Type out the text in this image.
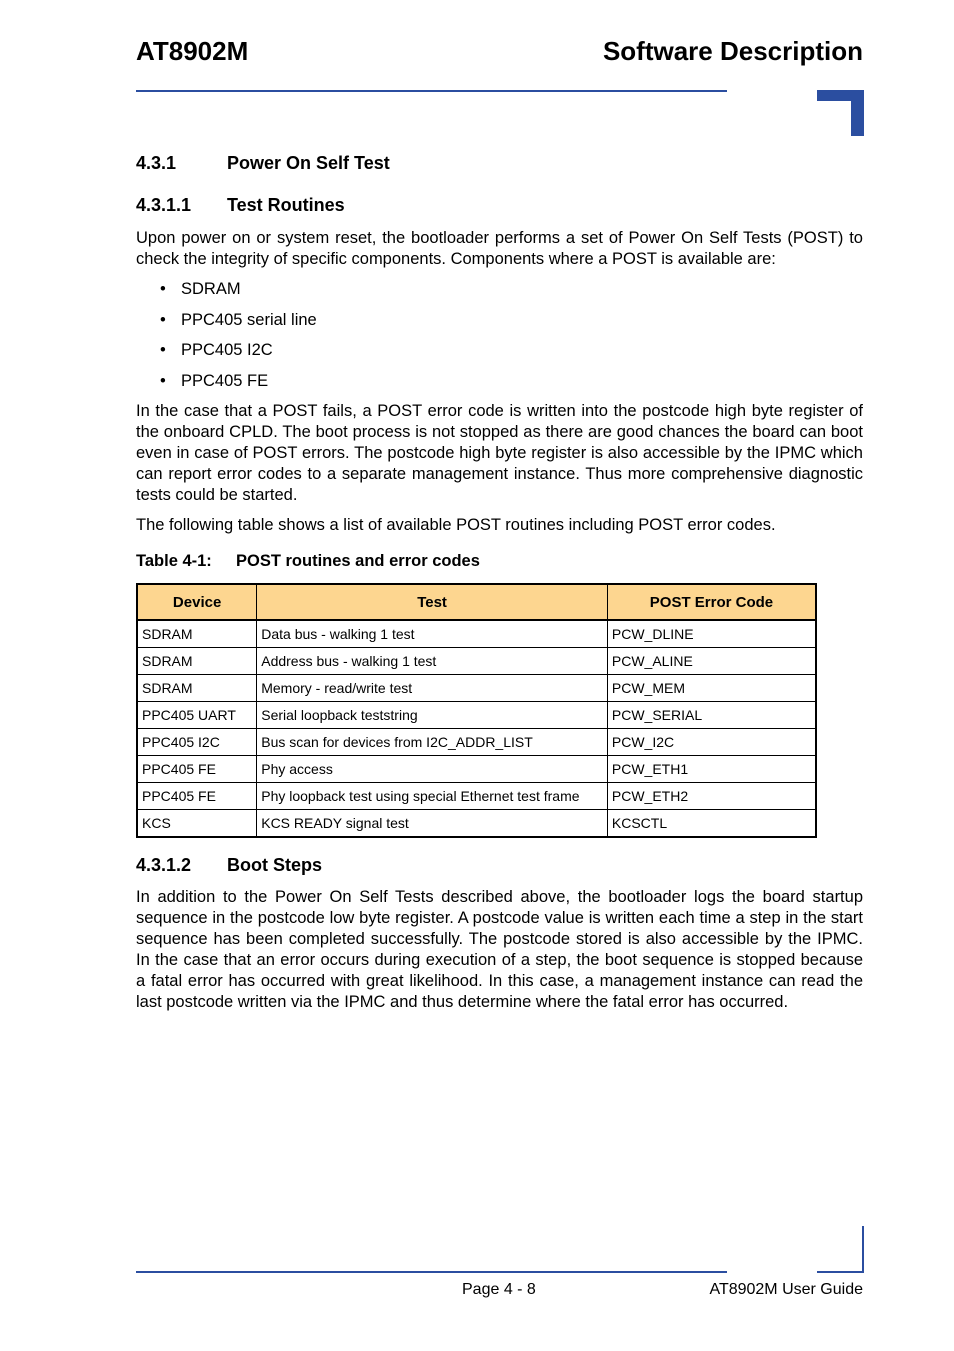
AT8902M	Software Description
4.3.1	Power On Self Test
4.3.1.1 Test Routines
Upon power on or system reset, the bootloader performs a set of Power On Self Tests (POST) to check the integrity of specific components. Components where a POST is available are:
• SDRAM
• PPC405 serial line
• PPC405 I2C
• PPC405 FE
In the case that a POST fails, a POST error code is written into the postcode high byte register of the onboard CPLD. The boot process is not stopped as there are good chances the board can boot even in case of POST errors. The postcode high byte register is also accessible by the IPMC which can report error codes to a separate management instance. Thus more comprehensive diagnostic tests could be started.
The following table shows a list of available POST routines including POST error codes.
Table 4-1: POST routines and error codes
Device	Test	POST Error Code
SDRAM	Data bus - walking 1 test	PCW_DLINE
SDRAM	Address bus - walking 1 test	PCW_ALINE
SDRAM	Memory - read/write test	PCW_MEM
PPC405 UART	Serial loopback teststring	PCW_SERIAL
PPC405 I2C	Bus scan for devices from I2C_ADDR_LIST	PCW_I2C
PPC405 FE	Phy access	PCW_ETH1
PPC405 FE	Phy loopback test using special Ethernet test frame	PCW_ETH2
KCS	KCS READY signal test	KCSCTL
4.3.1.2 Boot Steps
In addition to the Power On Self Tests described above, the bootloader logs the board startup sequence in the postcode low byte register. A postcode value is written each time a step in the start sequence has been completed successfully. The postcode stored is also accessible by the IPMC. In the case that an error occurs during execution of a step, the boot sequence is stopped because a fatal error has occurred with great likelihood. In this case, a management instance can read the last postcode written via the IPMC and thus determine where the fatal error has occurred.
Page 4 - 8	AT8902M User Guide
